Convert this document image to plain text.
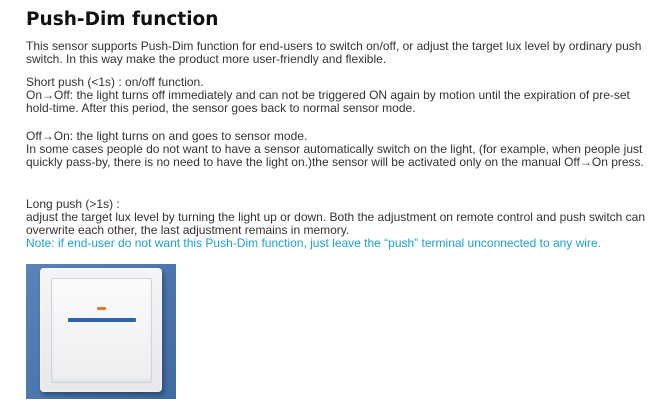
Push-Dim function

This sensor supports Push-Dim function for end-users to switch on/off, or adjust the target lux level by ordinary push switch. In this way make the product more user-friendly and flexible.

Short push (<1s) : on/off function.

On→Off: the light turns off immediately and can not be triggered ON again by motion until the expiration of pre-set hold-time. After this period, the sensor goes back to normal sensor mode.

Off→On: the light turns on and goes to sensor mode.

In some cases people do not want to have a sensor automatically switch on the light, (for example, when people just quickly pass-by, there is no need to have the light on.)the sensor will be activated only on the manual Off→On press.

Long push (>1s) :

adjust the target lux level by turning the light up or down. Both the adjustment on remote control and push switch can overwrite each other, the last adjustment remains in memory.

Note: if end-user do not want this Push-Dim function, just leave the “push” terminal unconnected to any wire.
